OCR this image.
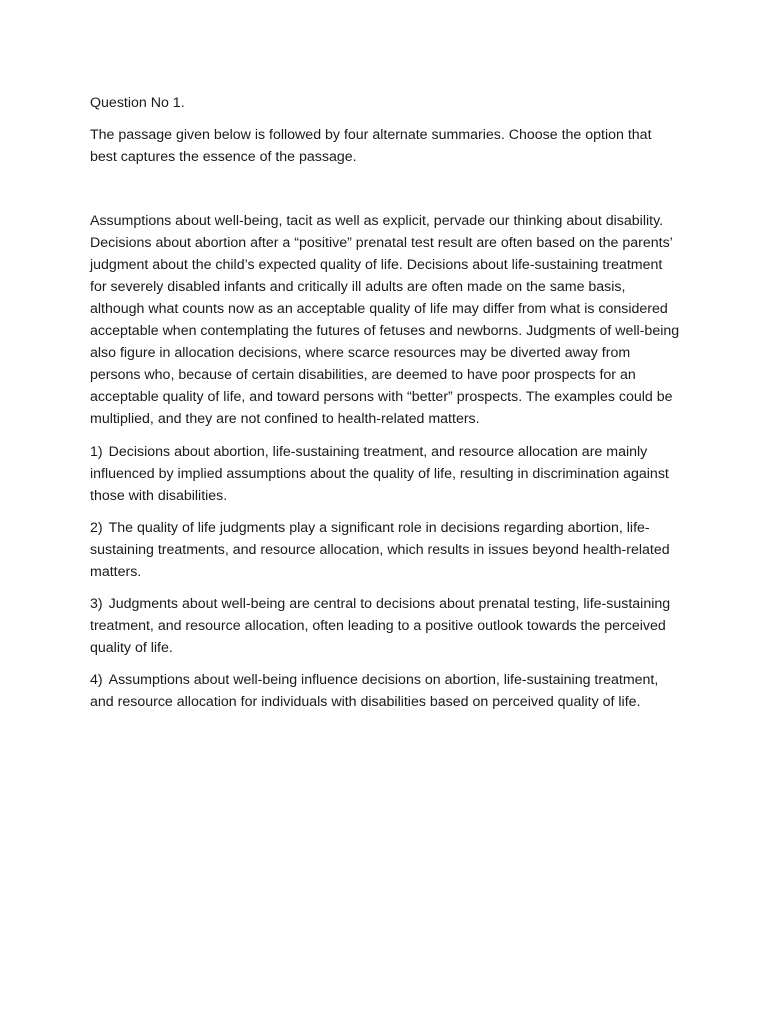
Question No 1.

The passage given below is followed by four alternate summaries. Choose the option that best captures the essence of the passage.

Assumptions about well-being, tacit as well as explicit, pervade our thinking about disability. Decisions about abortion after a “positive” prenatal test result are often based on the parents’ judgment about the child’s expected quality of life. Decisions about life-sustaining treatment for severely disabled infants and critically ill adults are often made on the same basis, although what counts now as an acceptable quality of life may differ from what is considered acceptable when contemplating the futures of fetuses and newborns. Judgments of well-being also figure in allocation decisions, where scarce resources may be diverted away from persons who, because of certain disabilities, are deemed to have poor prospects for an acceptable quality of life, and toward persons with “better” prospects. The examples could be multiplied, and they are not confined to health-related matters.

1) Decisions about abortion, life-sustaining treatment, and resource allocation are mainly influenced by implied assumptions about the quality of life, resulting in discrimination against those with disabilities.

2) The quality of life judgments play a significant role in decisions regarding abortion, life-sustaining treatments, and resource allocation, which results in issues beyond health-related matters.

3) Judgments about well-being are central to decisions about prenatal testing, life-sustaining treatment, and resource allocation, often leading to a positive outlook towards the perceived quality of life.

4) Assumptions about well-being influence decisions on abortion, life-sustaining treatment, and resource allocation for individuals with disabilities based on perceived quality of life.
